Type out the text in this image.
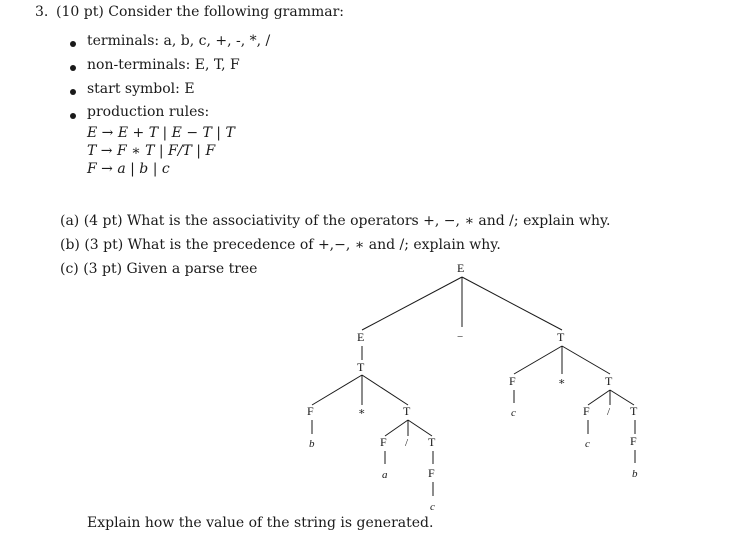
3. (10 pt) Consider the following grammar:
terminals: a, b, c, +, -, *, /
non-terminals: E, T, F
start symbol: E
production rules:
E → E + T | E − T | T
T → F ∗ T | F/T | F
F → a | b | c
(a) (4 pt) What is the associativity of the operators +, −, ∗ and /; explain why.
(b) (3 pt) What is the precedence of +,−, ∗ and /; explain why.
(c) (3 pt) Given a parse tree	E
E	−	T
T
F	∗	T
b	F / T
a	F
c
F	∗	T
c	F / T
c	F
b
Explain how the value of the string is generated.
